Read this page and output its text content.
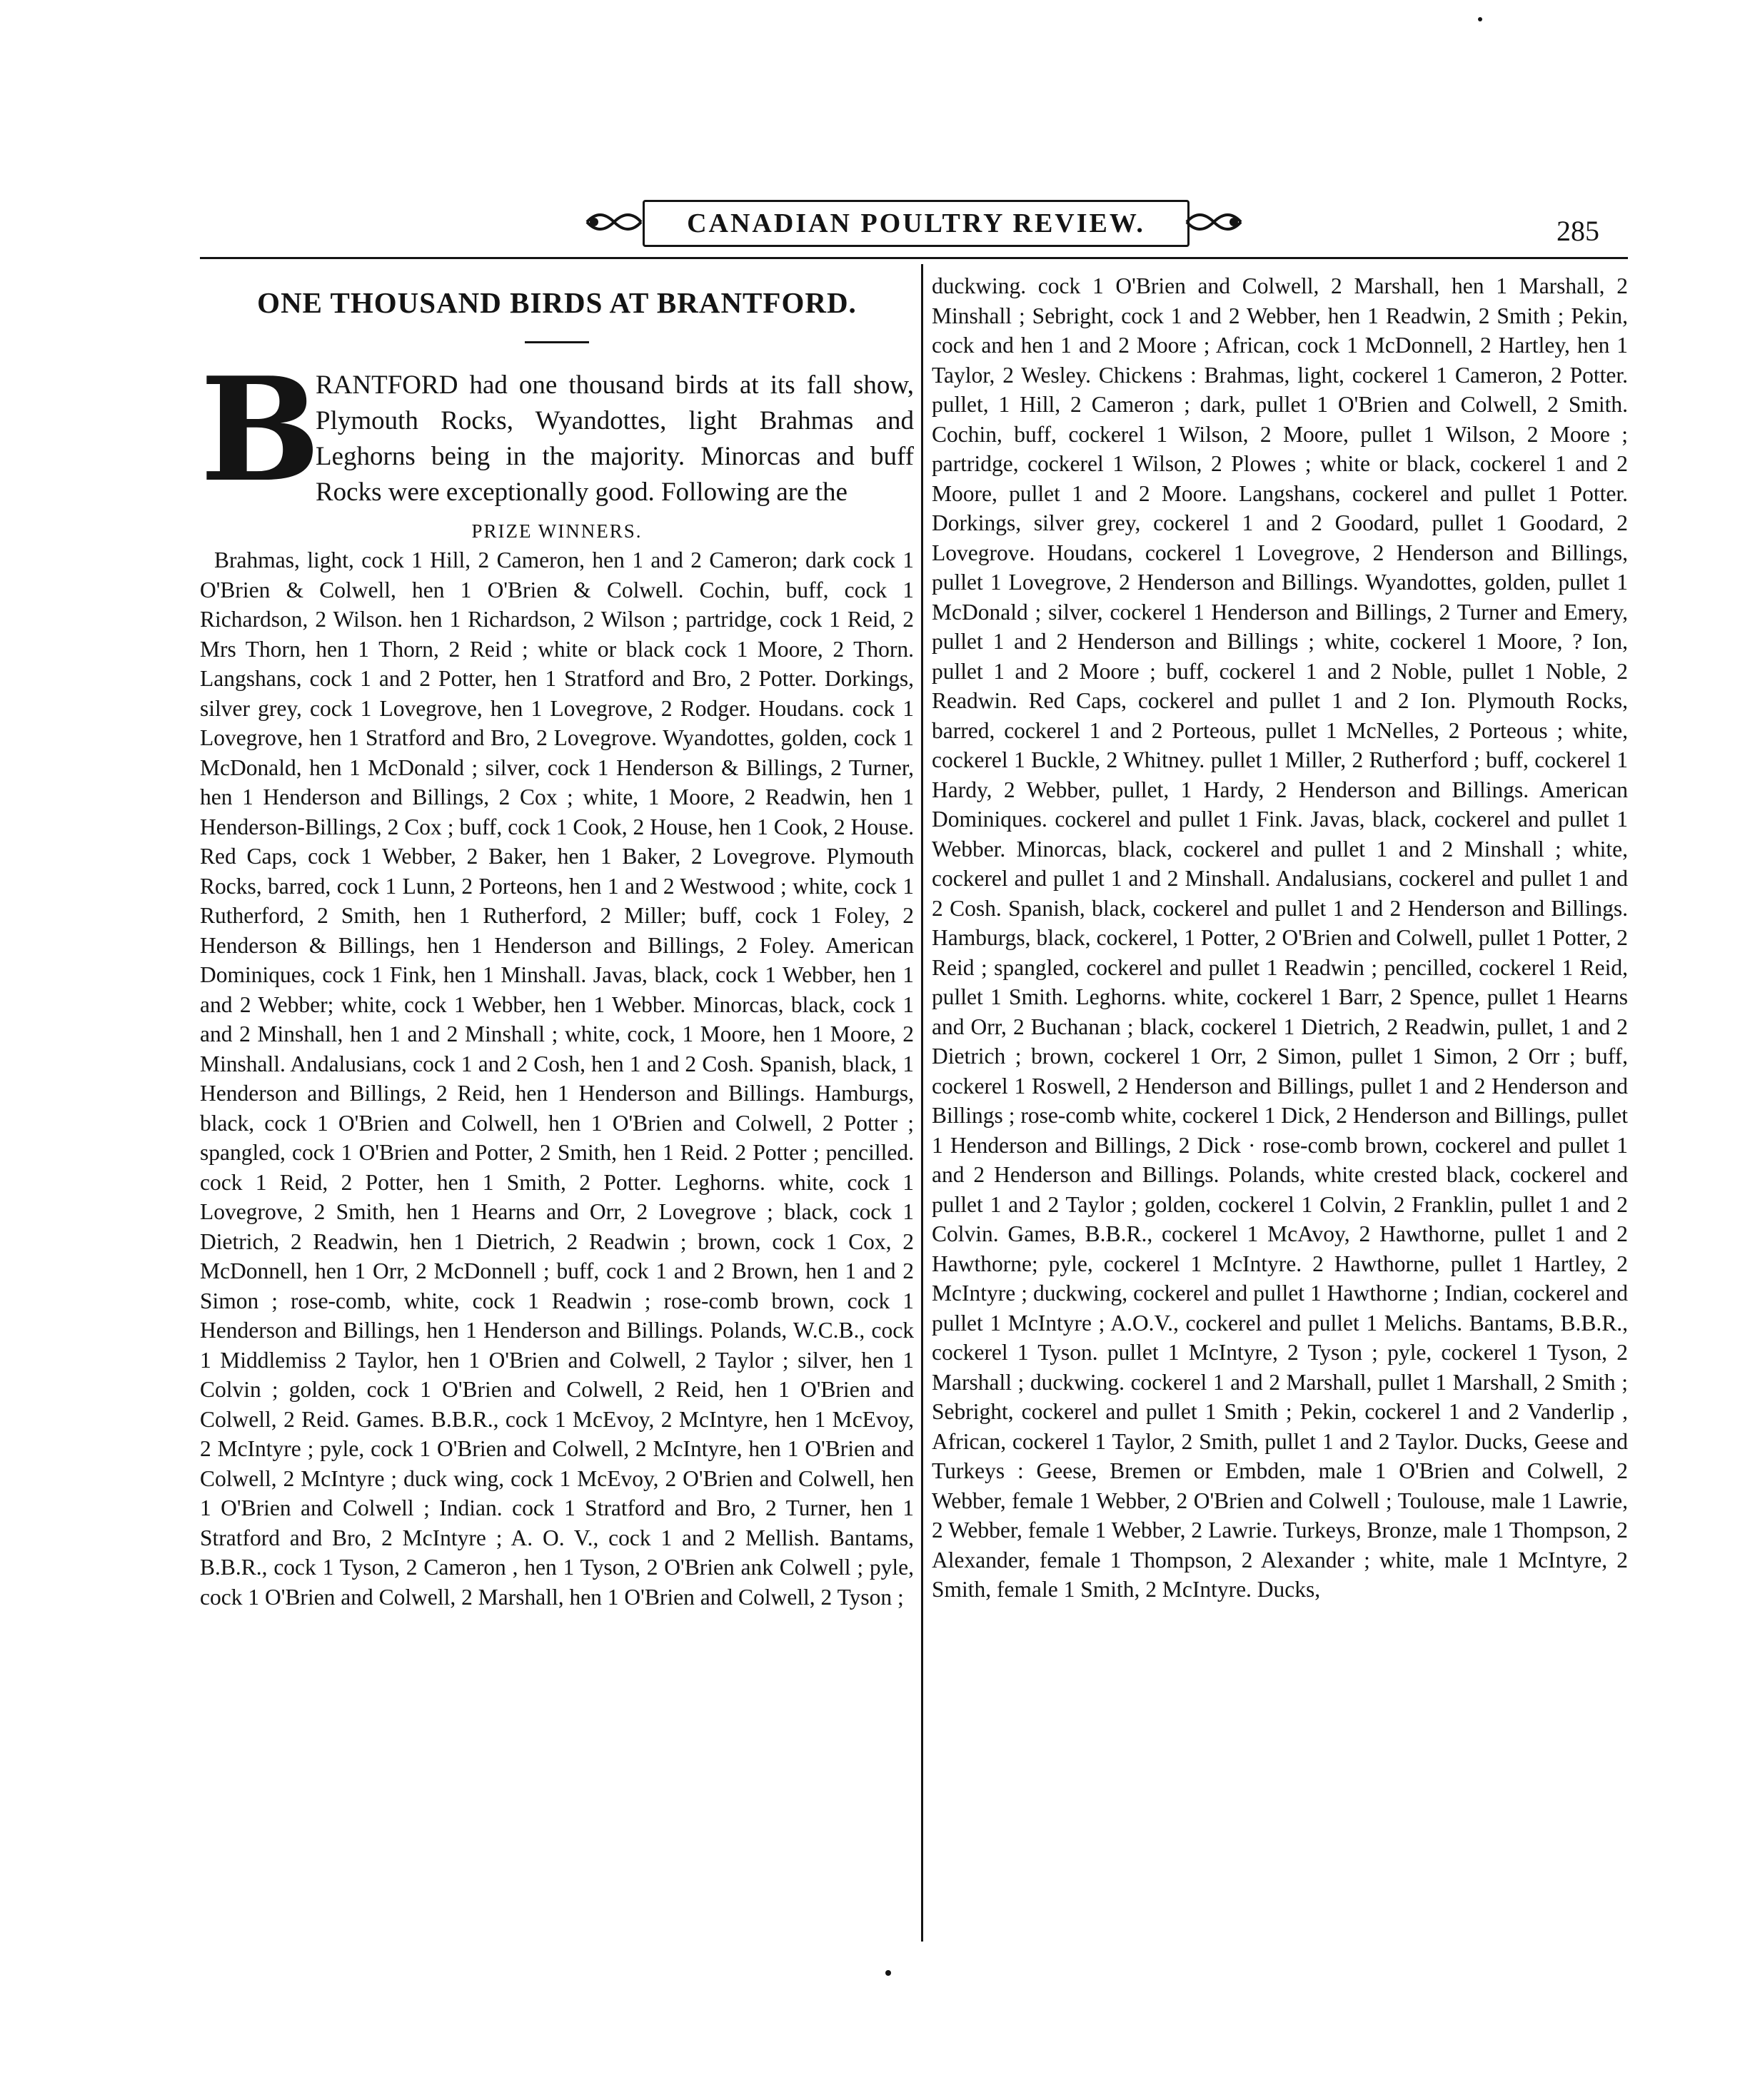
CANADIAN POULTRY REVIEW.	285
ONE THOUSAND BIRDS AT BRANTFORD.

B
RANTFORD had one thousand birds at its fall show, Plymouth Rocks, Wyandottes, light Brahmas and Leghorns being in the majority. Minorcas and buff Rocks were exceptionally good. Following are the

PRIZE WINNERS.

Brahmas, light, cock 1 Hill, 2 Cameron, hen 1 and 2 Cameron; dark cock 1 O'Brien & Colwell, hen 1 O'Brien & Colwell. Cochin, buff, cock 1 Richardson, 2 Wilson. hen 1 Richardson, 2 Wilson ; partridge, cock 1 Reid, 2 Mrs Thorn, hen 1 Thorn, 2 Reid ; white or black cock 1 Moore, 2 Thorn. Langshans, cock 1 and 2 Potter, hen 1 Stratford and Bro, 2 Potter. Dorkings, silver grey, cock 1 Lovegrove, hen 1 Lovegrove, 2 Rodger. Houdans. cock 1 Lovegrove, hen 1 Stratford and Bro, 2 Lovegrove. Wyandottes, golden, cock 1 McDonald, hen 1 McDonald ; silver, cock 1 Henderson & Billings, 2 Turner, hen 1 Henderson and Billings, 2 Cox ; white, 1 Moore, 2 Readwin, hen 1 Henderson-Billings, 2 Cox ; buff, cock 1 Cook, 2 House, hen 1 Cook, 2 House. Red Caps, cock 1 Webber, 2 Baker, hen 1 Baker, 2 Lovegrove. Plymouth Rocks, barred, cock 1 Lunn, 2 Porteons, hen 1 and 2 Westwood ; white, cock 1 Rutherford, 2 Smith, hen 1 Rutherford, 2 Miller; buff, cock 1 Foley, 2 Henderson & Billings, hen 1 Henderson and Billings, 2 Foley. American Dominiques, cock 1 Fink, hen 1 Minshall. Javas, black, cock 1 Webber, hen 1 and 2 Webber; white, cock 1 Webber, hen 1 Webber. Minorcas, black, cock 1 and 2 Minshall, hen 1 and 2 Minshall ; white, cock, 1 Moore, hen 1 Moore, 2 Minshall. Andalusians, cock 1 and 2 Cosh, hen 1 and 2 Cosh. Spanish, black, 1 Henderson and Billings, 2 Reid, hen 1 Henderson and Billings. Hamburgs, black, cock 1 O'Brien and Colwell, hen 1 O'Brien and Colwell, 2 Potter ; spangled, cock 1 O'Brien and Potter, 2 Smith, hen 1 Reid. 2 Potter ; pencilled. cock 1 Reid, 2 Potter, hen 1 Smith, 2 Potter. Leghorns. white, cock 1 Lovegrove, 2 Smith, hen 1 Hearns and Orr, 2 Lovegrove ; black, cock 1 Dietrich, 2 Readwin, hen 1 Dietrich, 2 Readwin ; brown, cock 1 Cox, 2 McDonnell, hen 1 Orr, 2 McDonnell ; buff, cock 1 and 2 Brown, hen 1 and 2 Simon ; rose-comb, white, cock 1 Readwin ; rose-comb brown, cock 1 Henderson and Billings, hen 1 Henderson and Billings. Polands, W.C.B., cock 1 Middlemiss 2 Taylor, hen 1 O'Brien and Colwell, 2 Taylor ; silver, hen 1 Colvin ; golden, cock 1 O'Brien and Colwell, 2 Reid, hen 1 O'Brien and Colwell, 2 Reid. Games. B.B.R., cock 1 McEvoy, 2 McIntyre, hen 1 McEvoy, 2 McIntyre ; pyle, cock 1 O'Brien and Colwell, 2 McIntyre, hen 1 O'Brien and Colwell, 2 McIntyre ; duck wing, cock 1 McEvoy, 2 O'Brien and Colwell, hen 1 O'Brien and Colwell ; Indian. cock 1 Stratford and Bro, 2 Turner, hen 1 Stratford and Bro, 2 McIntyre ; A. O. V., cock 1 and 2 Mellish. Bantams, B.B.R., cock 1 Tyson, 2 Cameron , hen 1 Tyson, 2 O'Brien ank Colwell ; pyle, cock 1 O'Brien and Colwell, 2 Marshall, hen 1 O'Brien and Colwell, 2 Tyson ;

duckwing. cock 1 O'Brien and Colwell, 2 Marshall, hen 1 Marshall, 2 Minshall ; Sebright, cock 1 and 2 Webber, hen 1 Readwin, 2 Smith ; Pekin, cock and hen 1 and 2 Moore ; African, cock 1 McDonnell, 2 Hartley, hen 1 Taylor, 2 Wesley. Chickens : Brahmas, light, cockerel 1 Cameron, 2 Potter. pullet, 1 Hill, 2 Cameron ; dark, pullet 1 O'Brien and Colwell, 2 Smith. Cochin, buff, cockerel 1 Wilson, 2 Moore, pullet 1 Wilson, 2 Moore ; partridge, cockerel 1 Wilson, 2 Plowes ; white or black, cockerel 1 and 2 Moore, pullet 1 and 2 Moore. Langshans, cockerel and pullet 1 Potter. Dorkings, silver grey, cockerel 1 and 2 Goodard, pullet 1 Goodard, 2 Lovegrove. Houdans, cockerel 1 Lovegrove, 2 Henderson and Billings, pullet 1 Lovegrove, 2 Henderson and Billings. Wyandottes, golden, pullet 1 McDonald ; silver, cockerel 1 Henderson and Billings, 2 Turner and Emery, pullet 1 and 2 Henderson and Billings ; white, cockerel 1 Moore, ? Ion, pullet 1 and 2 Moore ; buff, cockerel 1 and 2 Noble, pullet 1 Noble, 2 Readwin. Red Caps, cockerel and pullet 1 and 2 Ion. Plymouth Rocks, barred, cockerel 1 and 2 Porteous, pullet 1 McNelles, 2 Porteous ; white, cockerel 1 Buckle, 2 Whitney. pullet 1 Miller, 2 Rutherford ; buff, cockerel 1 Hardy, 2 Webber, pullet, 1 Hardy, 2 Henderson and Billings. American Dominiques. cockerel and pullet 1 Fink. Javas, black, cockerel and pullet 1 Webber. Minorcas, black, cockerel and pullet 1 and 2 Minshall ; white, cockerel and pullet 1 and 2 Minshall. Andalusians, cockerel and pullet 1 and 2 Cosh. Spanish, black, cockerel and pullet 1 and 2 Henderson and Billings. Hamburgs, black, cockerel, 1 Potter, 2 O'Brien and Colwell, pullet 1 Potter, 2 Reid ; spangled, cockerel and pullet 1 Readwin ; pencilled, cockerel 1 Reid, pullet 1 Smith. Leghorns. white, cockerel 1 Barr, 2 Spence, pullet 1 Hearns and Orr, 2 Buchanan ; black, cockerel 1 Dietrich, 2 Readwin, pullet, 1 and 2 Dietrich ; brown, cockerel 1 Orr, 2 Simon, pullet 1 Simon, 2 Orr ; buff, cockerel 1 Roswell, 2 Henderson and Billings, pullet 1 and 2 Henderson and Billings ; rose-comb white, cockerel 1 Dick, 2 Henderson and Billings, pullet 1 Henderson and Billings, 2 Dick · rose-comb brown, cockerel and pullet 1 and 2 Henderson and Billings. Polands, white crested black, cockerel and pullet 1 and 2 Taylor ; golden, cockerel 1 Colvin, 2 Franklin, pullet 1 and 2 Colvin. Games, B.B.R., cockerel 1 McAvoy, 2 Hawthorne, pullet 1 and 2 Hawthorne; pyle, cockerel 1 McIntyre. 2 Hawthorne, pullet 1 Hartley, 2 McIntyre ; duckwing, cockerel and pullet 1 Hawthorne ; Indian, cockerel and pullet 1 McIntyre ; A.O.V., cockerel and pullet 1 Melichs. Bantams, B.B.R., cockerel 1 Tyson. pullet 1 McIntyre, 2 Tyson ; pyle, cockerel 1 Tyson, 2 Marshall ; duckwing. cockerel 1 and 2 Marshall, pullet 1 Marshall, 2 Smith ; Sebright, cockerel and pullet 1 Smith ; Pekin, cockerel 1 and 2 Vanderlip , African, cockerel 1 Taylor, 2 Smith, pullet 1 and 2 Taylor. Ducks, Geese and Turkeys : Geese, Bremen or Embden, male 1 O'Brien and Colwell, 2 Webber, female 1 Webber, 2 O'Brien and Colwell ; Toulouse, male 1 Lawrie, 2 Webber, female 1 Webber, 2 Lawrie. Turkeys, Bronze, male 1 Thompson, 2 Alexander, female 1 Thompson, 2 Alexander ; white, male 1 McIntyre, 2 Smith, female 1 Smith, 2 McIntyre. Ducks,
